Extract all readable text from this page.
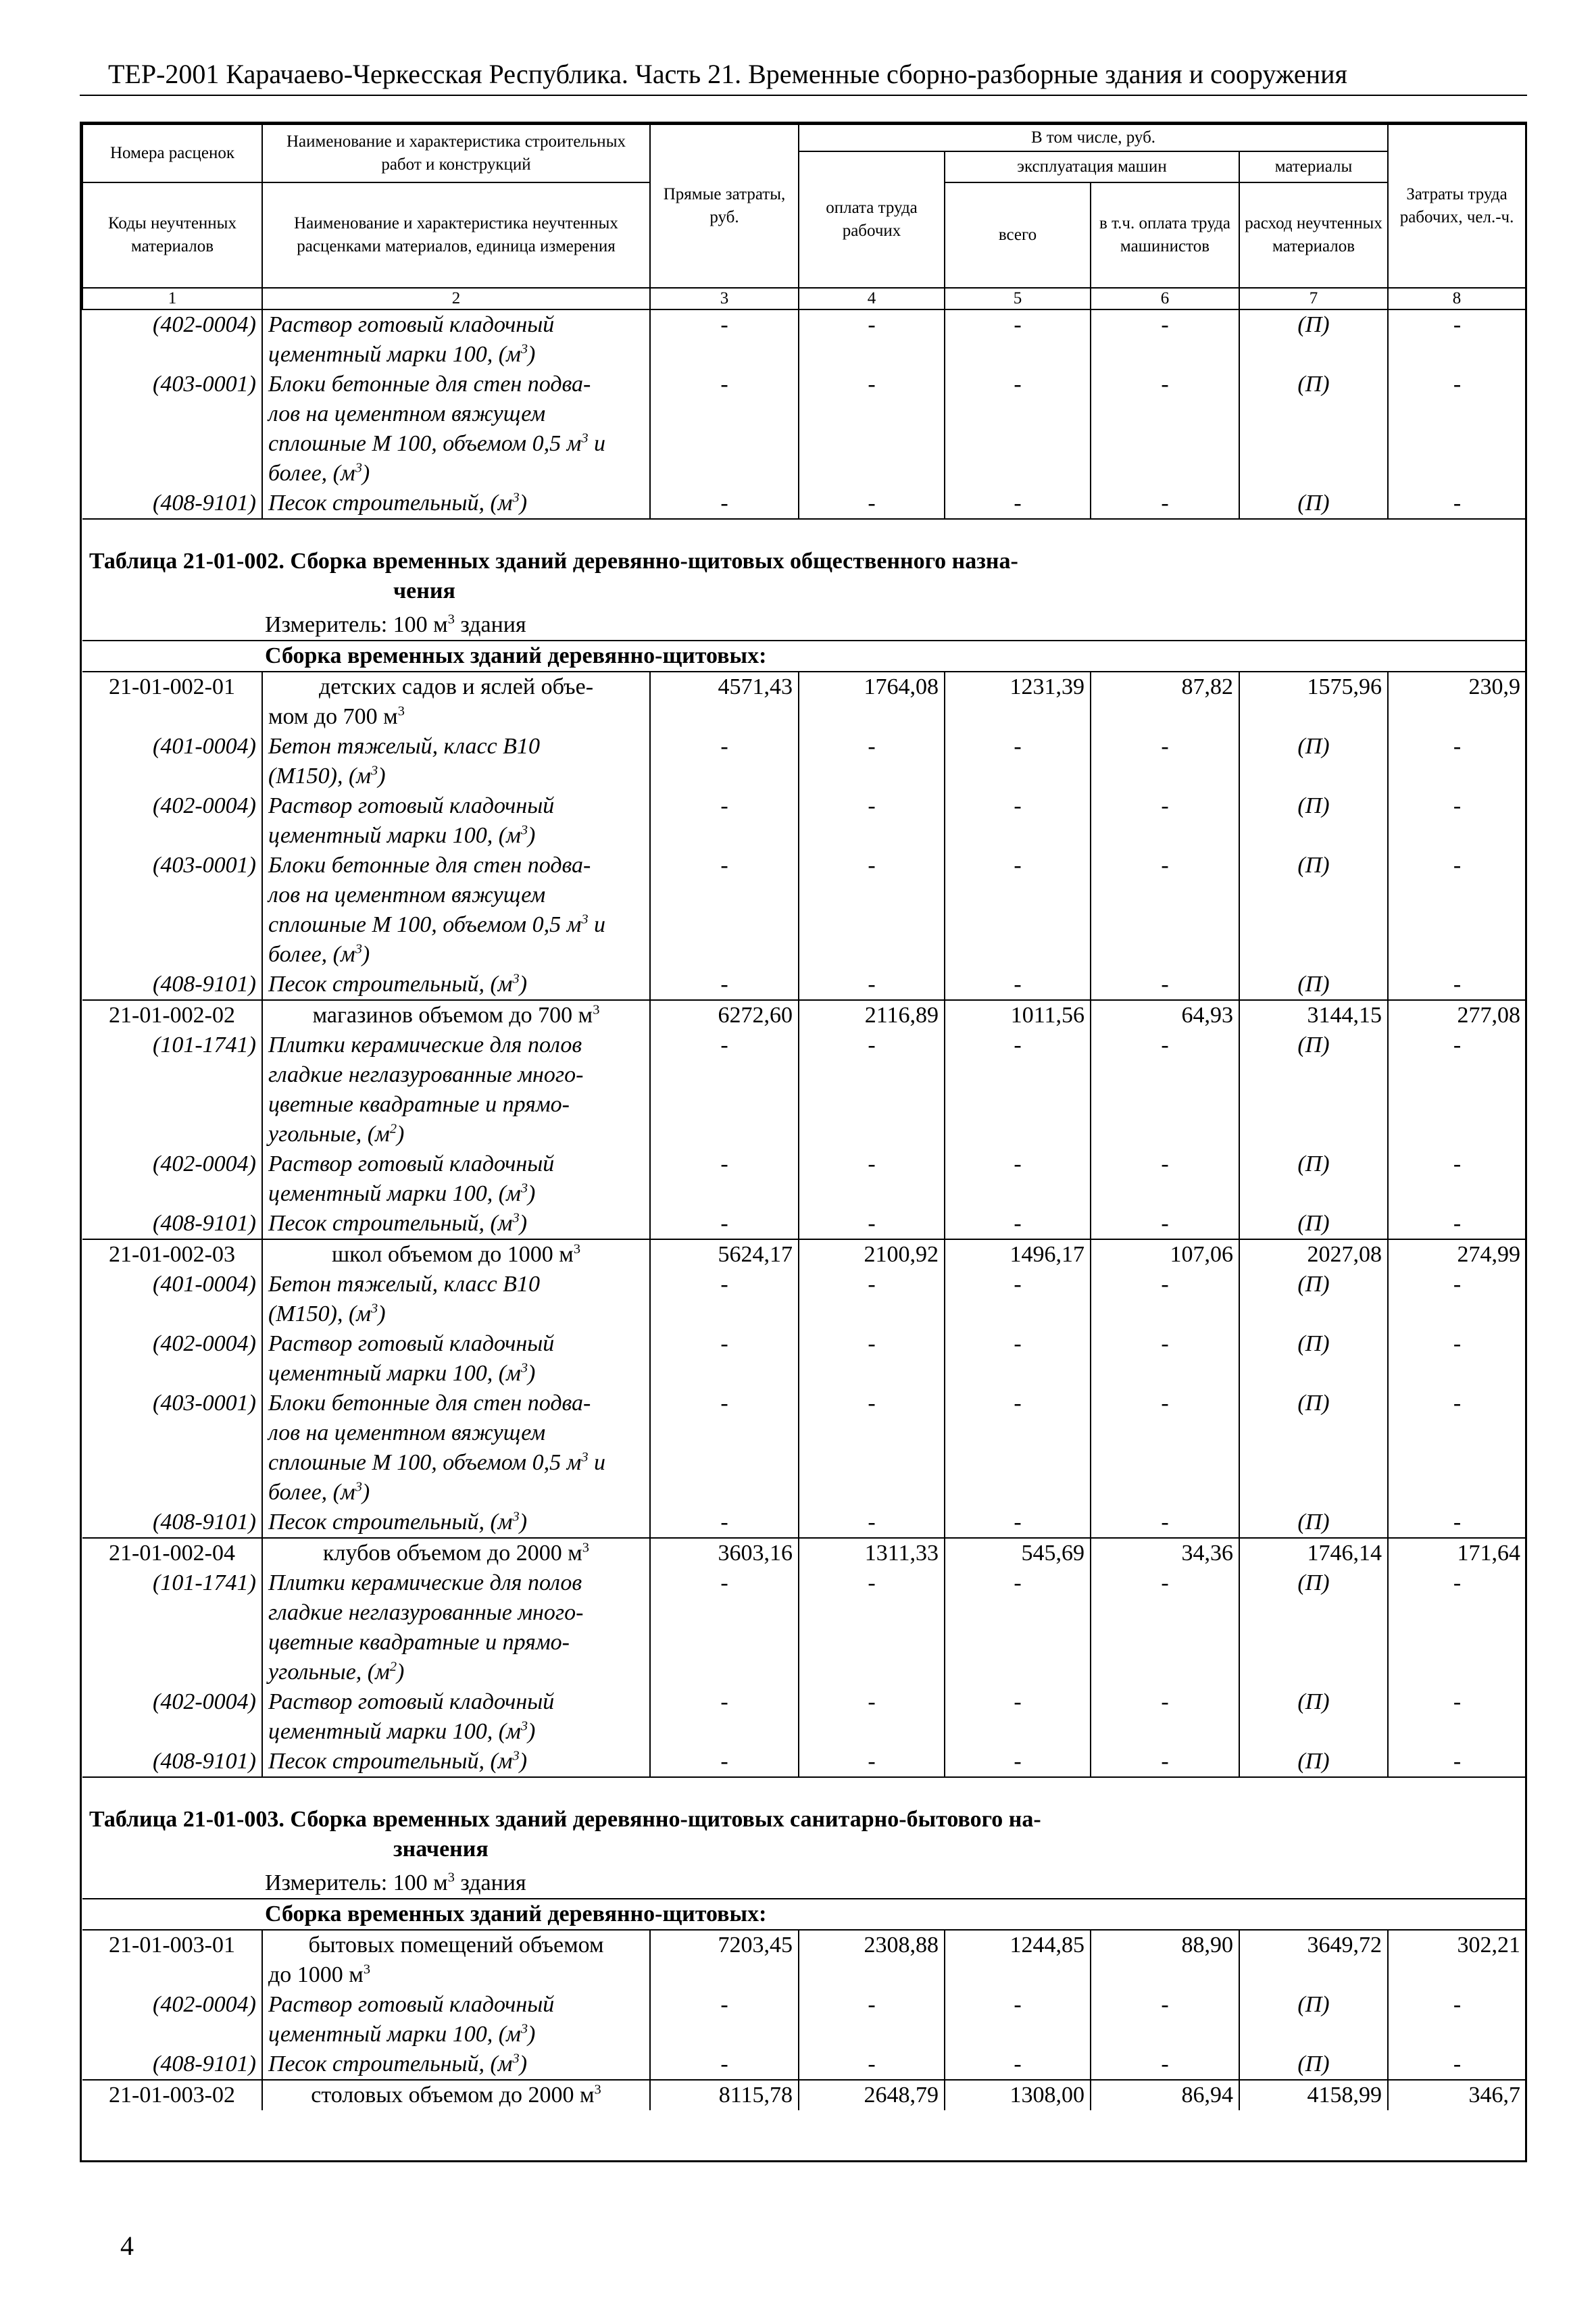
ТЕР-2001 Карачаево-Черкесская Республика. Часть 21. Временные сборно-разборные здания и сооружения
Номера расценок	Наименование и характеристика строительных работ и конструкций	Прямые затраты, руб.	В том числе, руб.				Затраты труда рабочих, чел.-ч.
			оплата труда рабочих	эксплуатация машин		материалы	
Коды неучтенных материалов	Наименование и характеристика неучтенных расценками материалов, единица измерения			всего	в т.ч. оплата труда машинистов	расход неучтенных материалов	

1	2	3	4	5	6	7	8
(402-0004)	Раствор готовый кладочный
цементный марки 100, $(м^3)$	-	-	-	-	(П)	-
(403-0001)	Блоки бетонные для стен подва-
лов на цементном вяжущем
сплошные М 100, объемом 0,5 $м^3$ и
более, $(м^3)$	-	-	-	-	(П)	-
(408-9101)	Песок строительный, $(м^3)$	-	-	-	-	(П)	-
Таблица 21-01-002. Сборка временных зданий деревянно-щитовых общественного назна-
чения							
Измеритель: 100 $м^3$ здания							
Сборка временных зданий деревянно-щитовых:							
21-01-002-01	детских садов и яслей объе-

мом до 700 $м^3$	4571,43	1764,08	1231,39	87,82	1575,96	230,9
(401-0004)	Бетон тяжелый, класс В10
(М150), $(м^3)$	-	-	-	-	(П)	-
(402-0004)	Раствор готовый кладочный
цементный марки 100, $(м^3)$	-	-	-	-	(П)	-
(403-0001)	Блоки бетонные для стен подва-
лов на цементном вяжущем
сплошные М 100, объемом 0,5 $м^3$ и
более, $(м^3)$	-	-	-	-	(П)	-
(408-9101)	Песок строительный, $(м^3)$	-	-	-	-	(П)	-
21-01-002-02	магазинов объемом до 700 $м^3$	6272,60	2116,89	1011,56	64,93	3144,15	277,08
(101-1741)	Плитки керамические для полов
гладкие неглазурованные много-
цветные квадратные и прямо-
угольные, $(м^2)$	-	-	-	-	(П)	-
(402-0004)	Раствор готовый кладочный
цементный марки 100, $(м^3)$	-	-	-	-	(П)	-
(408-9101)	Песок строительный, $(м^3)$	-	-	-	-	(П)	-
21-01-002-03	школ объемом до 1000 $м^3$	5624,17	2100,92	1496,17	107,06	2027,08	274,99
(401-0004)	Бетон тяжелый, класс В10
(М150), $(м^3)$	-	-	-	-	(П)	-
(402-0004)	Раствор готовый кладочный
цементный марки 100, $(м^3)$	-	-	-	-	(П)	-
(403-0001)	Блоки бетонные для стен подва-
лов на цементном вяжущем
сплошные М 100, объемом 0,5 $м^3$ и
более, $(м^3)$	-	-	-	-	(П)	-
(408-9101)	Песок строительный, $(м^3)$	-	-	-	-	(П)	-
21-01-002-04	клубов объемом до 2000 $м^3$	3603,16	1311,33	545,69	34,36	1746,14	171,64
(101-1741)	Плитки керамические для полов
гладкие неглазурованные много-
цветные квадратные и прямо-
угольные, $(м^2)$	-	-	-	-	(П)	-
(402-0004)	Раствор готовый кладочный
цементный марки 100, $(м^3)$	-	-	-	-	(П)	-
(408-9101)	Песок строительный, $(м^3)$	-	-	-	-	(П)	-
Таблица 21-01-003. Сборка временных зданий деревянно-щитовых санитарно-бытового на-
значения							
Измеритель: 100 $м^3$ здания							
Сборка временных зданий деревянно-щитовых:							
21-01-003-01	бытовых помещений объемом

до 1000 $м^3$	7203,45	2308,88	1244,85	88,90	3649,72	302,21
(402-0004)	Раствор готовый кладочный
цементный марки 100, $(м^3)$	-	-	-	-	(П)	-
(408-9101)	Песок строительный, $(м^3)$	-	-	-	-	(П)	-
21-01-003-02	столовых объемом до 2000 $м^3$	8115,78	2648,79	1308,00	86,94	4158,99	346,7
4
